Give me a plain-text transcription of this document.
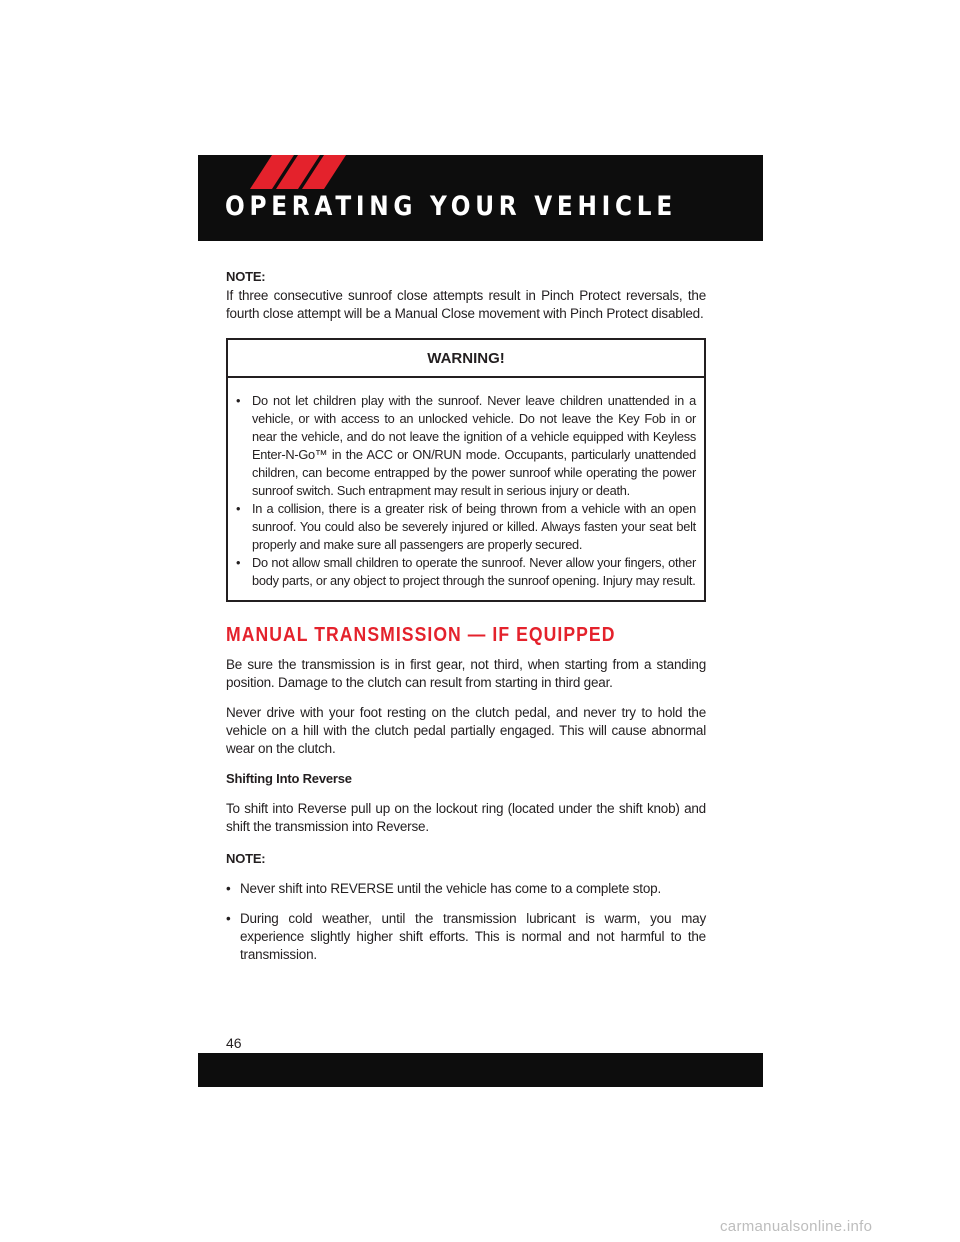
OPERATING YOUR VEHICLE

NOTE:

If three consecutive sunroof close attempts result in Pinch Protect reversals, the fourth close attempt will be a Manual Close movement with Pinch Protect disabled.

WARNING!
• Do not let children play with the sunroof. Never leave children unattended in a vehicle, or with access to an unlocked vehicle. Do not leave the Key Fob in or near the vehicle, and do not leave the ignition of a vehicle equipped with Keyless Enter-N-Go™ in the ACC or ON/RUN mode. Occupants, particularly unattended children, can become entrapped by the power sunroof while operating the power sunroof switch. Such entrapment may result in serious injury or death.
• In a collision, there is a greater risk of being thrown from a vehicle with an open sunroof. You could also be severely injured or killed. Always fasten your seat belt properly and make sure all passengers are properly secured.
• Do not allow small children to operate the sunroof. Never allow your fingers, other body parts, or any object to project through the sunroof opening. Injury may result.
MANUAL TRANSMISSION — IF EQUIPPED

Be sure the transmission is in first gear, not third, when starting from a standing position. Damage to the clutch can result from starting in third gear.

Never drive with your foot resting on the clutch pedal, and never try to hold the vehicle on a hill with the clutch pedal partially engaged. This will cause abnormal wear on the clutch.

Shifting Into Reverse

To shift into Reverse pull up on the lockout ring (located under the shift knob) and shift the transmission into Reverse.

NOTE:

• Never shift into REVERSE until the vehicle has come to a complete stop.
• During cold weather, until the transmission lubricant is warm, you may experience slightly higher shift efforts. This is normal and not harmful to the transmission.
46
carmanualsonline.info
